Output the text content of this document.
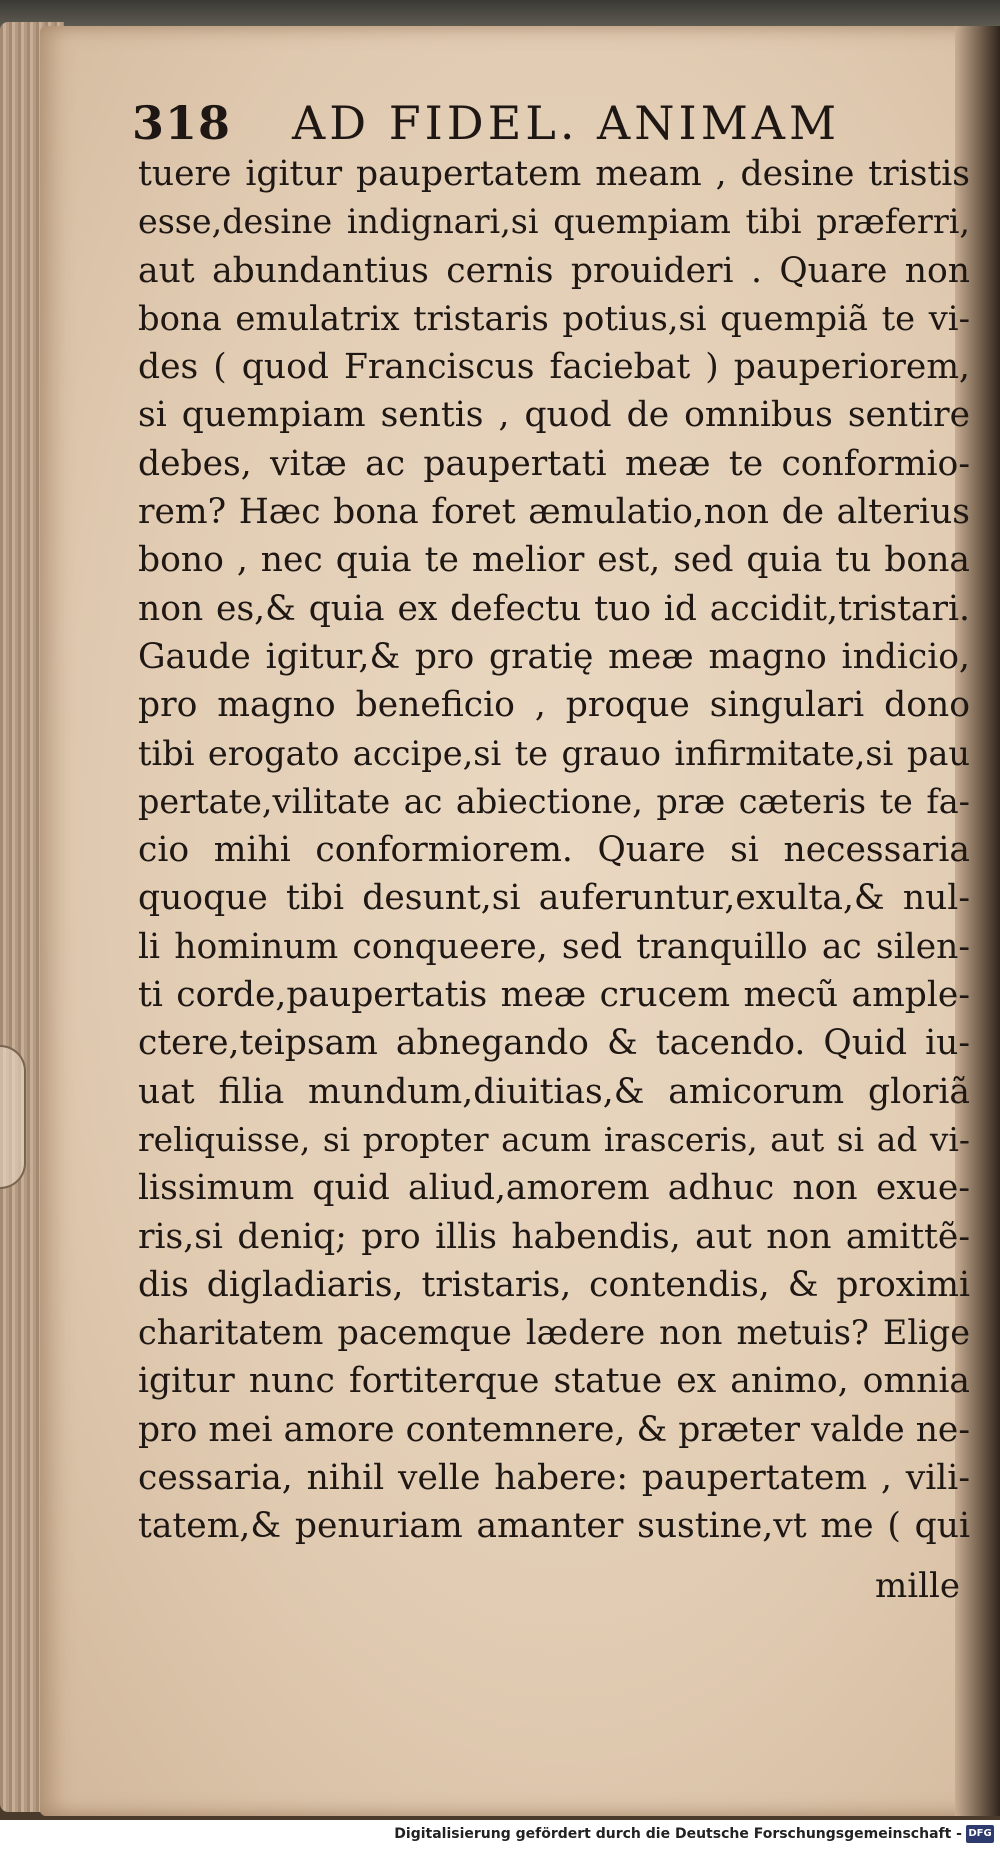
318 AD FIDEL. ANIMAM
tuere igitur paupertatem meam , desine tristis
esse,desine indignari,si quempiam tibi præferri,
aut abundantius cernis prouideri . Quare non
bona emulatrix tristaris potius,si quempiã te vi-
des ( quod Franciscus faciebat ) pauperiorem,
si quempiam sentis , quod de omnibus sentire
debes, vitæ ac paupertati meæ te conformio-
rem? Hæc bona foret æmulatio,non de alterius
bono , nec quia te melior est, sed quia tu bona
non es,& quia ex defectu tuo id accidit,tristari.
Gaude igitur,& pro gratię meæ magno indicio,
pro magno beneficio , proque singulari dono
tibi erogato accipe,si te grauo infirmitate,si pau
pertate,vilitate ac abiectione, præ cæteris te fa-
cio mihi conformiorem. Quare si necessaria
quoque tibi desunt,si auferuntur,exulta,& nul-
li hominum conqueere, sed tranquillo ac silen-
ti corde,paupertatis meæ crucem mecũ ample-
ctere,teipsam abnegando & tacendo. Quid iu-
uat filia mundum,diuitias,& amicorum gloriã
reliquisse, si propter acum irasceris, aut si ad vi-
lissimum quid aliud,amorem adhuc non exue-
ris,si deniq; pro illis habendis, aut non amittẽ-
dis digladiaris, tristaris, contendis, & proximi
charitatem pacemque lædere non metuis? Elige
igitur nunc fortiterque statue ex animo, omnia
pro mei amore contemnere, & præter valde ne-
cessaria, nihil velle habere: paupertatem , vili-
tatem,& penuriam amanter sustine,vt me ( qui
mille
Digitalisierung gefördert durch die Deutsche Forschungsgemeinschaft - DFG
